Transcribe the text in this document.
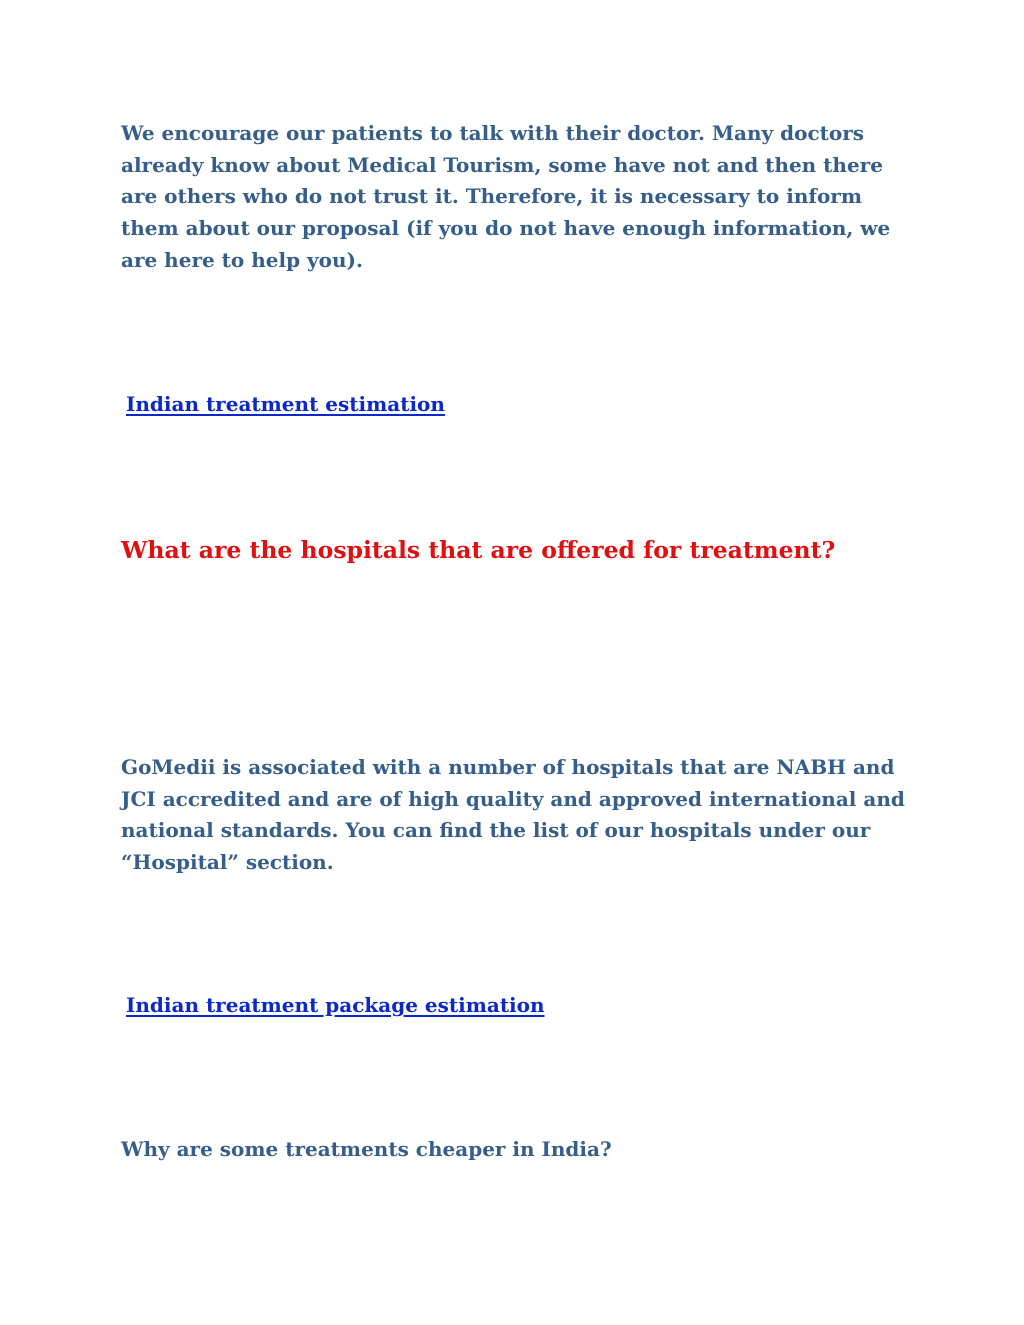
We encourage our patients to talk with their doctor. Many doctors already know about Medical Tourism, some have not and then there are others who do not trust it. Therefore, it is necessary to inform them about our proposal (if you do not have enough information, we are here to help you).

Indian treatment estimation
What are the hospitals that are offered for treatment?

GoMedii is associated with a number of hospitals that are NABH and JCI accredited and are of high quality and approved international and national standards. You can find the list of our hospitals under our “Hospital” section.

Indian treatment package estimation

Why are some treatments cheaper in India?
